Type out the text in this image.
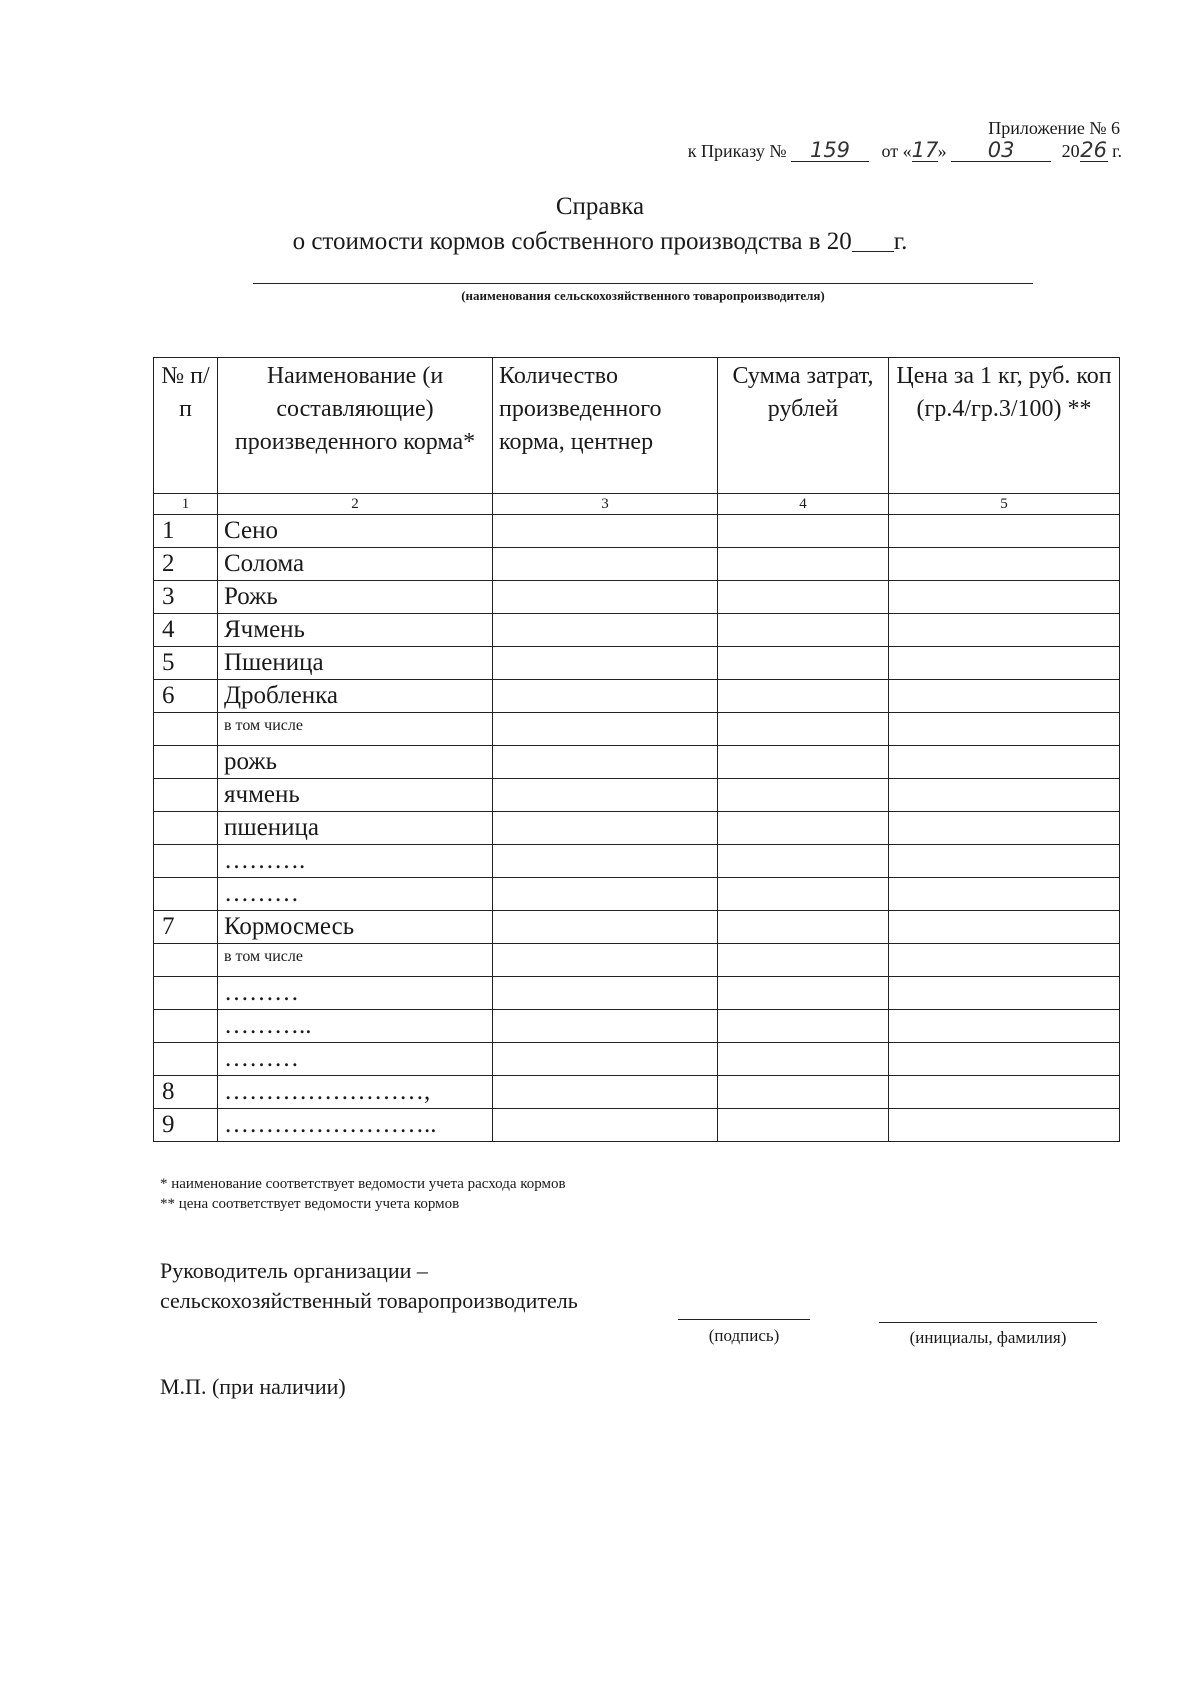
Приложение № 6
к Приказу № 159 от «17» 03	2026 г.
Справка
о стоимости кормов собственного производства в 20 г.
(наименования сельскохозяйственного товаропроизводителя)
№ п/п	Наименование (и составляющие) произведенного корма*	Количество произведенного корма, центнер	Сумма затрат, рублей	Цена за 1 кг, руб. коп (гр.4/гр.3/100) **
1	2	3	4	5
1	Сено			
2	Солома			
3	Рожь			
4	Ячмень			
5	Пшеница			
6	Дробленка			
	в том числе			
	рожь			
	ячмень			
	пшеница			
	……….			
	………			
7	Кормосмесь			
	в том числе			
	………			
	………..			
	………			
8	……………………,			
9	……………………..			
* наименование соответствует ведомости учета расхода кормов
** цена соответствует ведомости учета кормов
Руководитель организации –
сельскохозяйственный товаропроизводитель
(подпись)	(инициалы, фамилия)
М.П. (при наличии)
